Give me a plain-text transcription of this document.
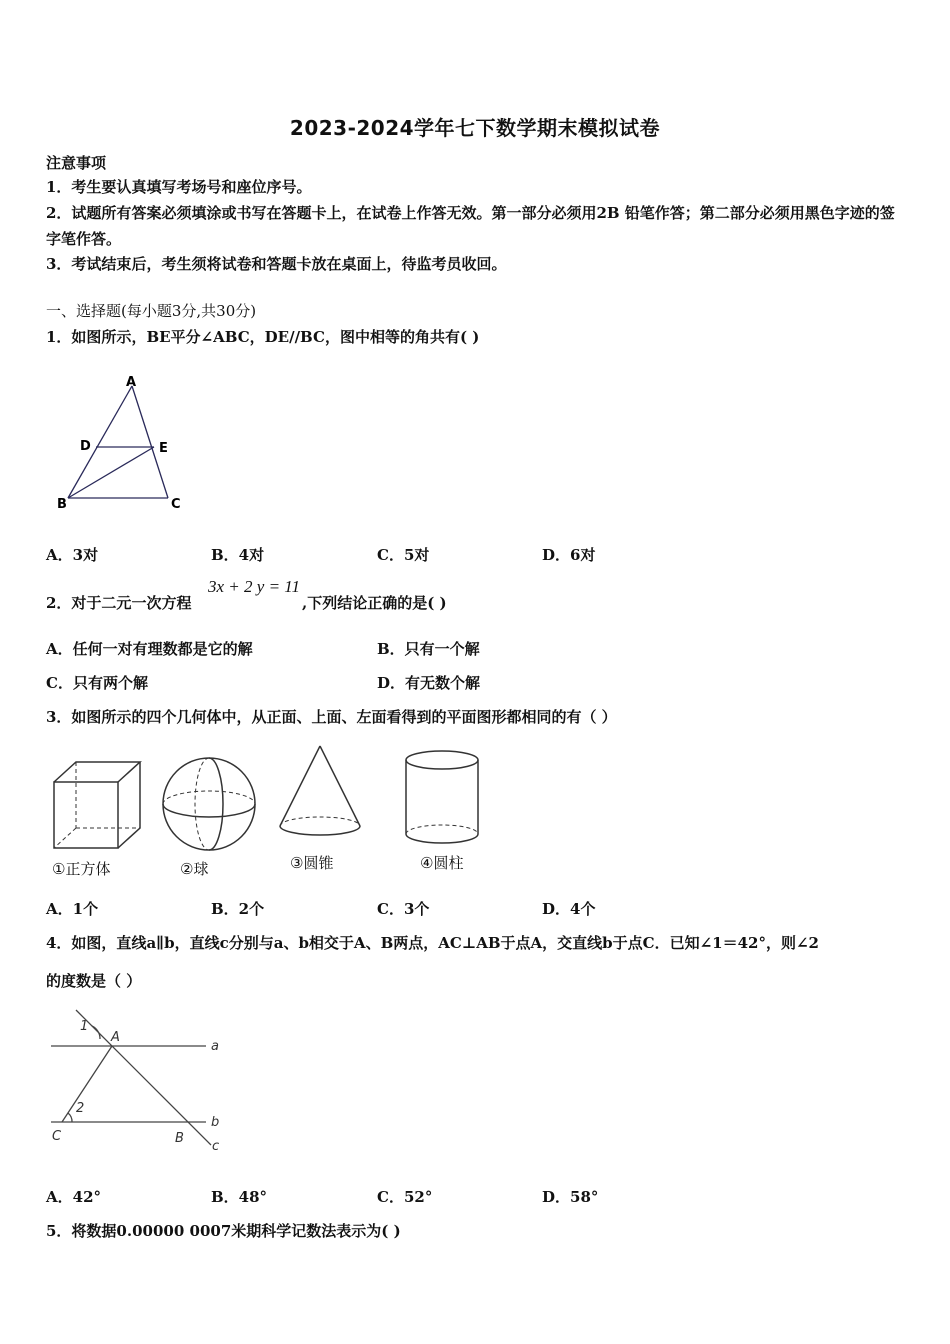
2023-2024学年七下数学期末模拟试卷
注意事项
1．考生要认真填写考场号和座位序号。
2．试题所有答案必须填涂或书写在答题卡上，在试卷上作答无效。第一部分必须用2B 铅笔作答；第二部分必须用黑色字迹的签字笔作答。
3．考试结束后，考生须将试卷和答题卡放在桌面上，待监考员收回。
一、选择题(每小题3分,共30分)
1．如图所示，BE平分∠ABC，DE//BC，图中相等的角共有( )
A
D	E
B	C
A．3对	B．4对	C．5对	D．6对
2．对于二元一次方程
3x + 2 y = 11
,下列结论正确的是( )
A．任何一对有理数都是它的解	B．只有一个解
C．只有两个解	D．有无数个解
3．如图所示的四个几何体中，从正面、上面、左面看得到的平面图形都相同的有（ ）
①正方体	②球	③圆锥	④圆柱
A．1个	B．2个	C．3个	D．4个
4．如图，直线a∥b，直线c分别与a、b相交于A、B两点，AC⊥AB于点A，交直线b于点C．已知∠1＝42°，则∠2
的度数是（ ）
1
A
a
2
b
C	B
c
A．42°	B．48°	C．52°	D．58°
5．将数据0.00000 0007米期科学记数法表示为( )
